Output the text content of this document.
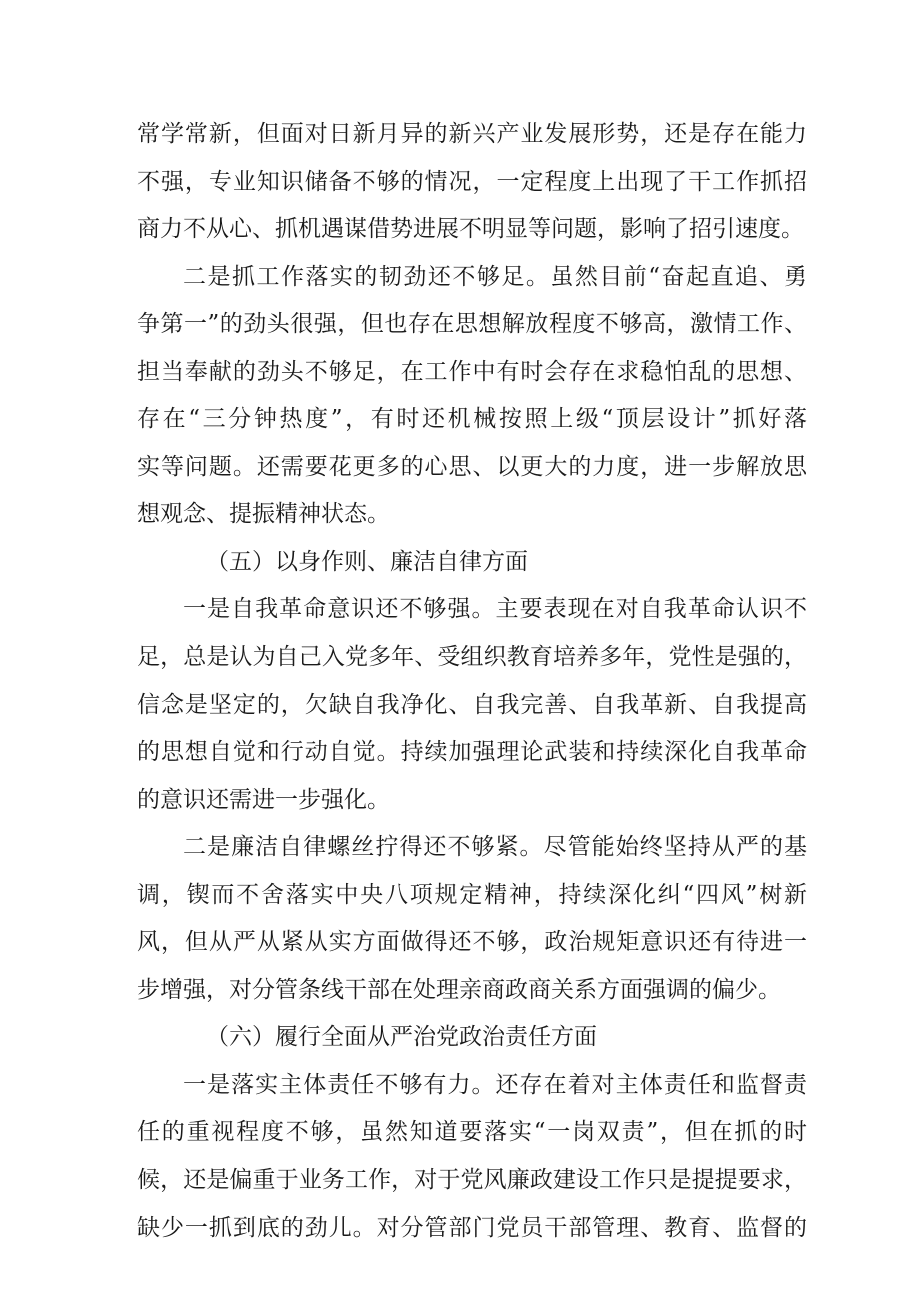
常学常新，但面对日新月异的新兴产业发展形势，还是存在能力
不强，专业知识储备不够的情况，一定程度上出现了干工作抓招
商力不从心、抓机遇谋借势进展不明显等问题，影响了招引速度。
二是抓工作落实的韧劲还不够足。虽然目前“奋起直追、勇
争第一”的劲头很强，但也存在思想解放程度不够高，激情工作、
担当奉献的劲头不够足，在工作中有时会存在求稳怕乱的思想、
存在“三分钟热度”，有时还机械按照上级“顶层设计”抓好落
实等问题。还需要花更多的心思、以更大的力度，进一步解放思
想观念、提振精神状态。
（五）以身作则、廉洁自律方面
一是自我革命意识还不够强。主要表现在对自我革命认识不
足，总是认为自己入党多年、受组织教育培养多年，党性是强的，
信念是坚定的，欠缺自我净化、自我完善、自我革新、自我提高
的思想自觉和行动自觉。持续加强理论武装和持续深化自我革命
的意识还需进一步强化。
二是廉洁自律螺丝拧得还不够紧。尽管能始终坚持从严的基
调，锲而不舍落实中央八项规定精神，持续深化纠“四风”树新
风，但从严从紧从实方面做得还不够，政治规矩意识还有待进一
步增强，对分管条线干部在处理亲商政商关系方面强调的偏少。
（六）履行全面从严治党政治责任方面
一是落实主体责任不够有力。还存在着对主体责任和监督责
任的重视程度不够，虽然知道要落实“一岗双责”，但在抓的时
候，还是偏重于业务工作，对于党风廉政建设工作只是提提要求，
缺少一抓到底的劲儿。对分管部门党员干部管理、教育、监督的
